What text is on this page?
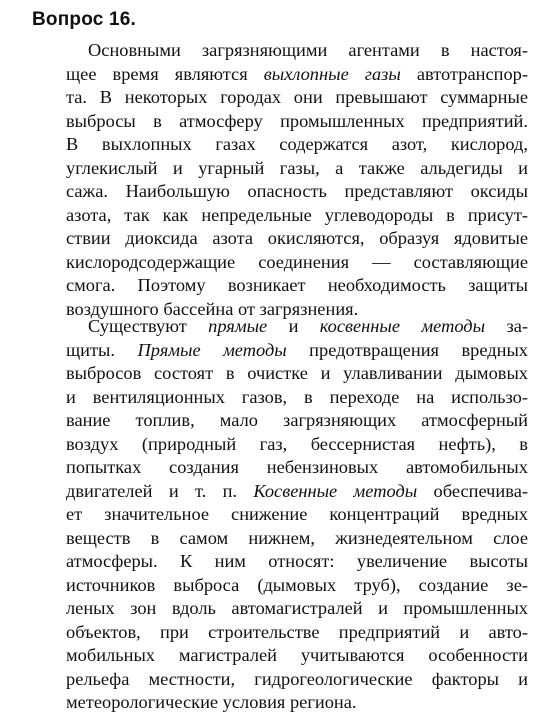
Вопрос 16.
Основными загрязняющими агентами в настоя-
щее время являются выхлопные газы автотранспор-
та. В некоторых городах они превышают суммарные
выбросы в атмосферу промышленных предприятий.
В выхлопных газах содержатся азот, кислород,
углекислый и угарный газы, а также альдегиды и
сажа. Наибольшую опасность представляют оксиды
азота, так как непредельные углеводороды в присут-
ствии диоксида азота окисляются, образуя ядовитые
кислородсодержащие соединения — составляющие
смога. Поэтому возникает необходимость защиты
воздушного бассейна от загрязнения.
Существуют прямые и косвенные методы за-
щиты. Прямые методы предотвращения вредных
выбросов состоят в очистке и улавливании дымовых
и вентиляционных газов, в переходе на использо-
вание топлив, мало загрязняющих атмосферный
воздух (природный газ, бессернистая нефть), в
попытках создания небензиновых автомобильных
двигателей и т. п. Косвенные методы обеспечива-
ет значительное снижение концентраций вредных
веществ в самом нижнем, жизнедеятельном слое
атмосферы. К ним относят: увеличение высоты
источников выброса (дымовых труб), создание зе-
леных зон вдоль автомагистралей и промышленных
объектов, при строительстве предприятий и авто-
мобильных магистралей учитываются особенности
рельефа местности, гидрогеологические факторы и
метеорологические условия региона.
